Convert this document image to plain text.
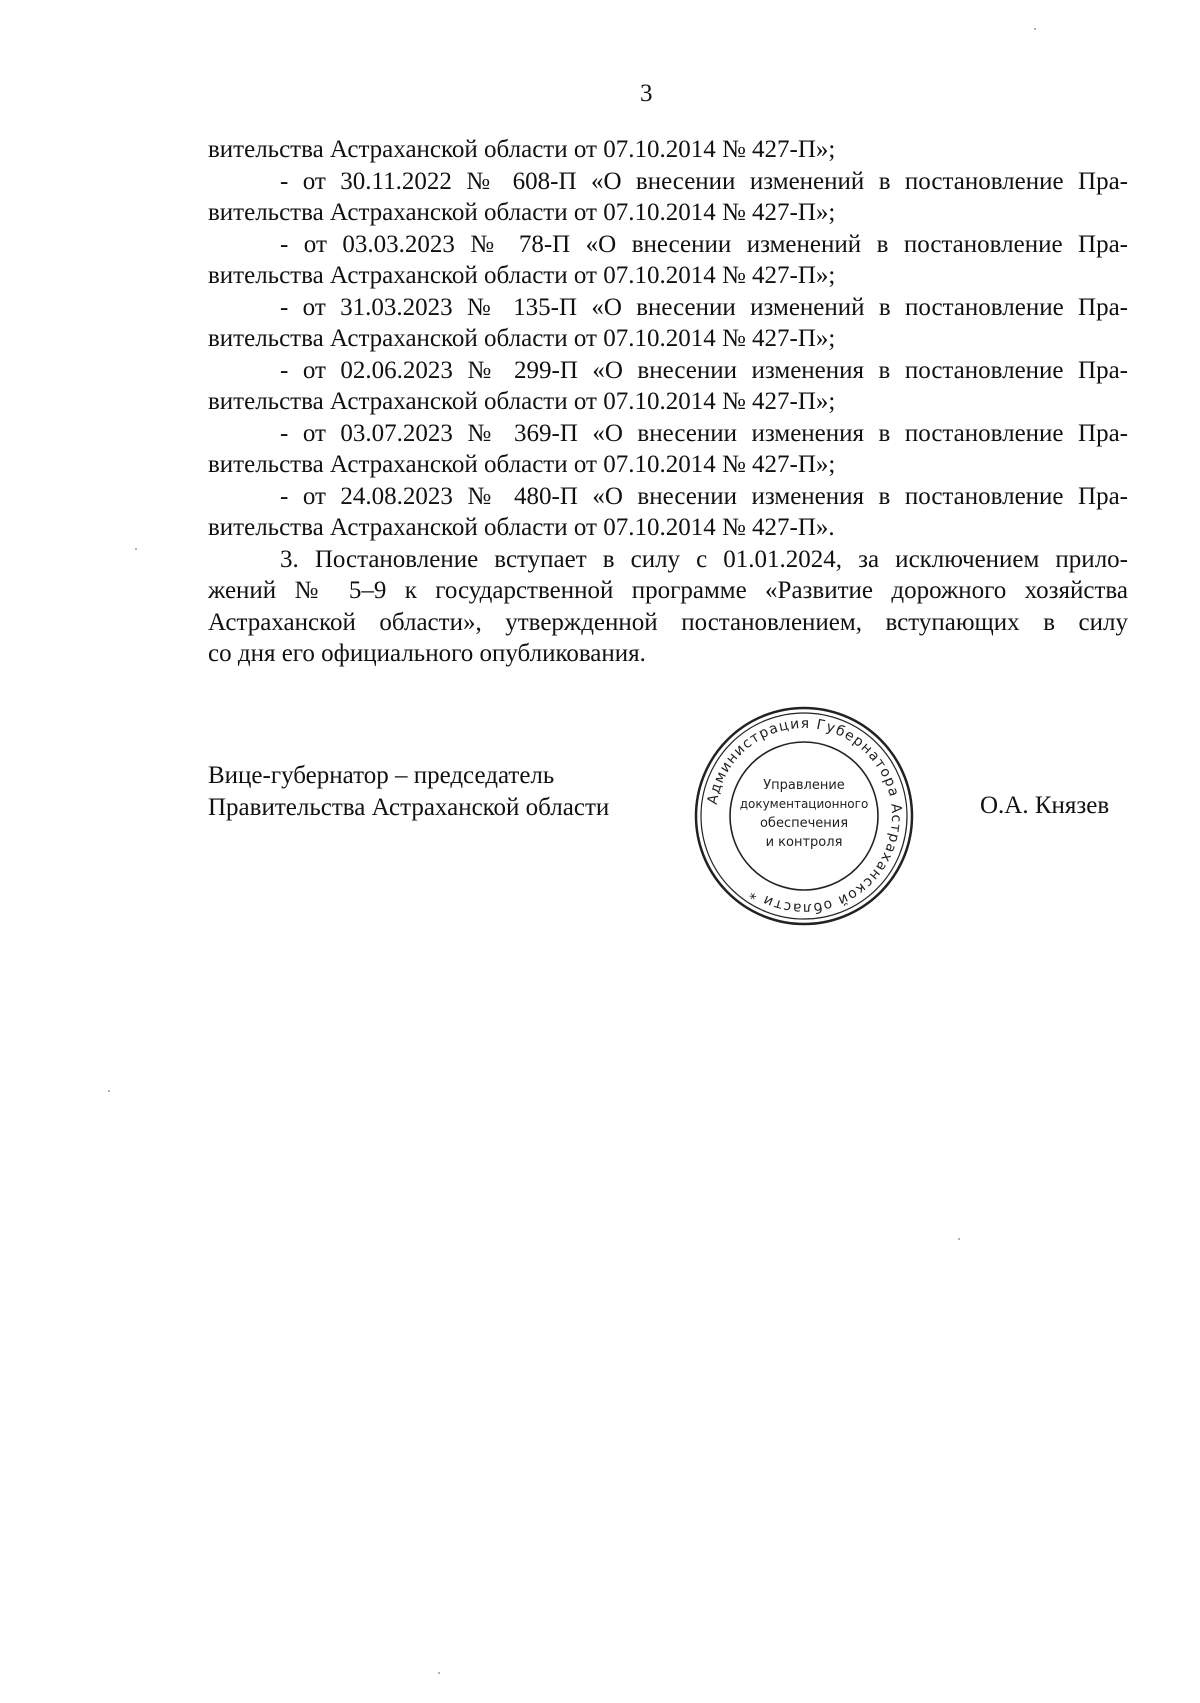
3
вительства Астраханской области от 07.10.2014 № 427-П»;
- от 30.11.2022 № 608-П «О внесении изменений в постановление Пра-
вительства Астраханской области от 07.10.2014 № 427-П»;
- от 03.03.2023 № 78-П «О внесении изменений в постановление Пра-
вительства Астраханской области от 07.10.2014 № 427-П»;
- от 31.03.2023 № 135-П «О внесении изменений в постановление Пра-
вительства Астраханской области от 07.10.2014 № 427-П»;
- от 02.06.2023 № 299-П «О внесении изменения в постановление Пра-
вительства Астраханской области от 07.10.2014 № 427-П»;
- от 03.07.2023 № 369-П «О внесении изменения в постановление Пра-
вительства Астраханской области от 07.10.2014 № 427-П»;
- от 24.08.2023 № 480-П «О внесении изменения в постановление Пра-
вительства Астраханской области от 07.10.2014 № 427-П».
3. Постановление вступает в силу с 01.01.2024, за исключением прило-
жений № 5–9 к государственной программе «Развитие дорожного хозяйства
Астраханской области», утвержденной постановлением, вступающих в силу
со дня его официального опубликования.
Вице-губернатор – председатель
Правительства Астраханской области	Администрация Губернатора Астраханской области *
Управление
документационного
обеспечения
и контроля
О.А. Князев
